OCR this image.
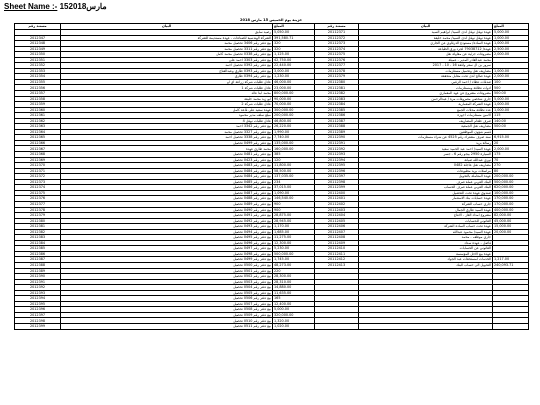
Sheet Name :- مارس152018
خزينة يوم الخميس 15 مارس 2018
المبلغ	البيان	مستند رقم	المبلغ	البيان	مستند رقم
5,000.00	عهدة نوفل نوفل لدى السيد/ ابراهيم السيد	20112371	5,050.00	رصيد سابق	
1,000.00	عهدة نوفل نوفل لدى السيد/ محمد خليفة	20112372	391,580.71	الشركة الهندسية للصناعات - عهدة مستديمة للشركة	2012347
1,000.00	عهدة السادة/ مستودع الدرقاوي عن الجاري	20112373	320	بيع دفتر رقم 3406 تحصيل محمد	2012348
2,500.00	عهدة/ 79038712 لجرد ورق الطباعة	20112374	320	بيع دفتر رقم 3311 تحصيل محمد	2012349
2,000.00	مصروفات جزئية عن مقاولة نقل	20112375	1,125.00	بيع دفتر رقم 0338 تحصيل محمد كامل	2012350
	محمد عبدالقادر المدير - عميلة	20112376	42,750.00	بيع دفتر رقم 3303 احمد على	2012351
	سرور بن ال سعر واقعة 16 - 10 - 2017	20112377	22,440.00	بيع دفتر رقم 0392 تحصيل احمد	2012352
1,000.00	مصاريف نقل وتحميل مستلزمات	20112378	3,000.00	بيع دفتر رقم 0393 طارق وعبدالفتاح	2012353
2,000.00	عهدة صالح لدى تحت مقابل متحققة	20112379	1,230.00	بيع دفتر رقم 0394 طارق	2012354
100	صدقات عطاء / احمد الزغبي	20112380	46,000.00	عادل طلبات شركة زراعة اي او	2012355
500	ادوات نظافة ومستلزمات	20112381	23,000.00	عادل طلبات شركة 1	2012356
500.00	مصروفات مشروع عن عهد المعماري	20112382	800,000.00	محمد ابنا عائد	2012357
5,000.00	جاري شخصي مصروفات مرة / عبدالرحمن	20112383	90,000.00	ابو زيد محمد خليفة	2012358
1,000.00	عهدة الشركة المعمارية	20112384	70,000.00	عادل طلبات شركة 2	2012359
1,000.00	عدد نظافة محلات الجمع	20112385	300,000.00	عهدة سعيد على قاعة كامل	2012360
115	الامين مستلزمات اجهزة	20112386	200,000.00	مبلغ سلف مدير محمود	2012361
140.00	صرف طعام المصاريف	20112387	46,800.00	عادل طلبات نوفل 4	2012362
500.00	مصاريف نقل الجمعية	20112388	26,220.00	بيع دفتر رقم 3342 احمد	2012363
	قسم شؤون الموظفين	20112389	1,990.00	بيع دفتر رقم 3327 تحصيل محمد	2012364
6,915.00	سند صرف مشترك رقم 4525 عن شراء مستلزمات	20112390	7,740.00	بيع دفتر رقم 3338 تحصيل احمد	2012365
20	رسالة بريد	20112391	135,000.00	بيع دفتر رقم 0499 تحصيل	2012366
2,000.00	عهدة السيد/ احمد عبد الحميد سعيد	20112392	160,000.00	محمد طارق عهدة	2012367
175	السيارة 2950 بيجو رقم 6 - جسر	20112393	385	بيع دفتر رقم 0481 تحصيل	2012368
70	نوري عبدالله صيانة	20112394	120	بيع دفتر رقم 0423 تحصيل	2012369
270	مصاريف نقل عاجلة 0482	20112395	11,800.00	بيع دفتر رقم 0483 تحصيل	2012370
80	مراسلات بريد مطبوعات	20112396	58,500.00	بيع دفتر رقم 0484 تحصيل	2012371
200,000.00	عهدة المعاملة بالتحويل	20112397	137,035.00	بيع دفتر رقم 0484 تحصيل	2012372
500,000.00	البنك العربي عملة صرف	20112398	234	بيع دفتر رقم 0485 تحصيل	2012373
620,000.00	البنك العربي عملة صرف الحساب	20112399	37,015.00	بيع دفتر رقم 0486 تحصيل	2012374
100,000.00	صندوق عهدة تحت التحصيل	20112400	1,090.00	بيع دفتر رقم 0487 تحصيل	2012375
170,000.00	عهدة حسابات بنك الاستثمار	20112401	146,540.00	بيع دفتر رقم 0488 تحصيل	2012376
170,000.00	جاري حساب الشركة	20112402	900	بيع دفتر رقم 0489 تحصيل	2012377
400,000.00	عهدة السيد طارق الجمال	20112403	900	بيع دفتر رقم 0490 تحصيل	2012378
82,000.00	مشروع امداد الغاز - الانتاج	20112404	28,875.00	بيع دفتر رقم 0491 تحصيل	2012379
45,000.00	القانوني للحسابات	20112405	28,945.00	بيع دفتر رقم 0492 تحصيل	2012380
15,000.00	عهدة تحت حساب السادة الشركة	20112406	1,170.00	بيع دفتر رقم 0493 تحصيل	2012381
20,000.00	عهدة السيد/ محمود عبدالله	20112407	1,685.00	بيع دفتر رقم 0494 تحصيل	2012382
	جاري موظف - محمد	20112408	11,275.00	بيع دفتر رقم 0495 تحصيل	2012383
	فاضل - عهدة سداد	20112409	12,300.00	بيع دفتر رقم 0496 تحصيل	2012384
	القانوني عن الحسابات	20112410	5,230.00	بيع دفتر رقم 0497 تحصيل	2012385
	عهدة بيع الاجل المؤسسة	20112411	500,000.00	بيع دفتر رقم 0498 تحصيل	2012386
1,217.00	الخدمات لمستحقات عبد الجواد	20112412	1,745.00	بيع دفتر رقم 0499 تحصيل	2012387
240,093.71	التحويل الى حساب البنك	20112413	48,273.00	بيع دفتر رقم 0500 تحصيل	2012388
			220	بيع دفتر رقم 0501 تحصيل	2012389
			28,300.00	بيع دفتر رقم 0502 تحصيل	2012390
			28,310.00	بيع دفتر رقم 0503 تحصيل	2012391
			14,880.00	بيع دفتر رقم 0504 تحصيل	2012392
			11,635.00	بيع دفتر رقم 0505 تحصيل	2012393
			165	بيع دفتر رقم 0506 تحصيل	2012394
			12,400.00	بيع دفتر رقم 0507 تحصيل	2012395
			5,000.00	بيع دفتر رقم 0508 تحصيل	2012396
			320,000.00	بيع دفتر رقم 0509 تحصيل	2012397
			1,320.00	بيع دفتر رقم 0510 تحصيل	2012398
			1,020.00	بيع دفتر رقم 0511 تحصيل	2012399
